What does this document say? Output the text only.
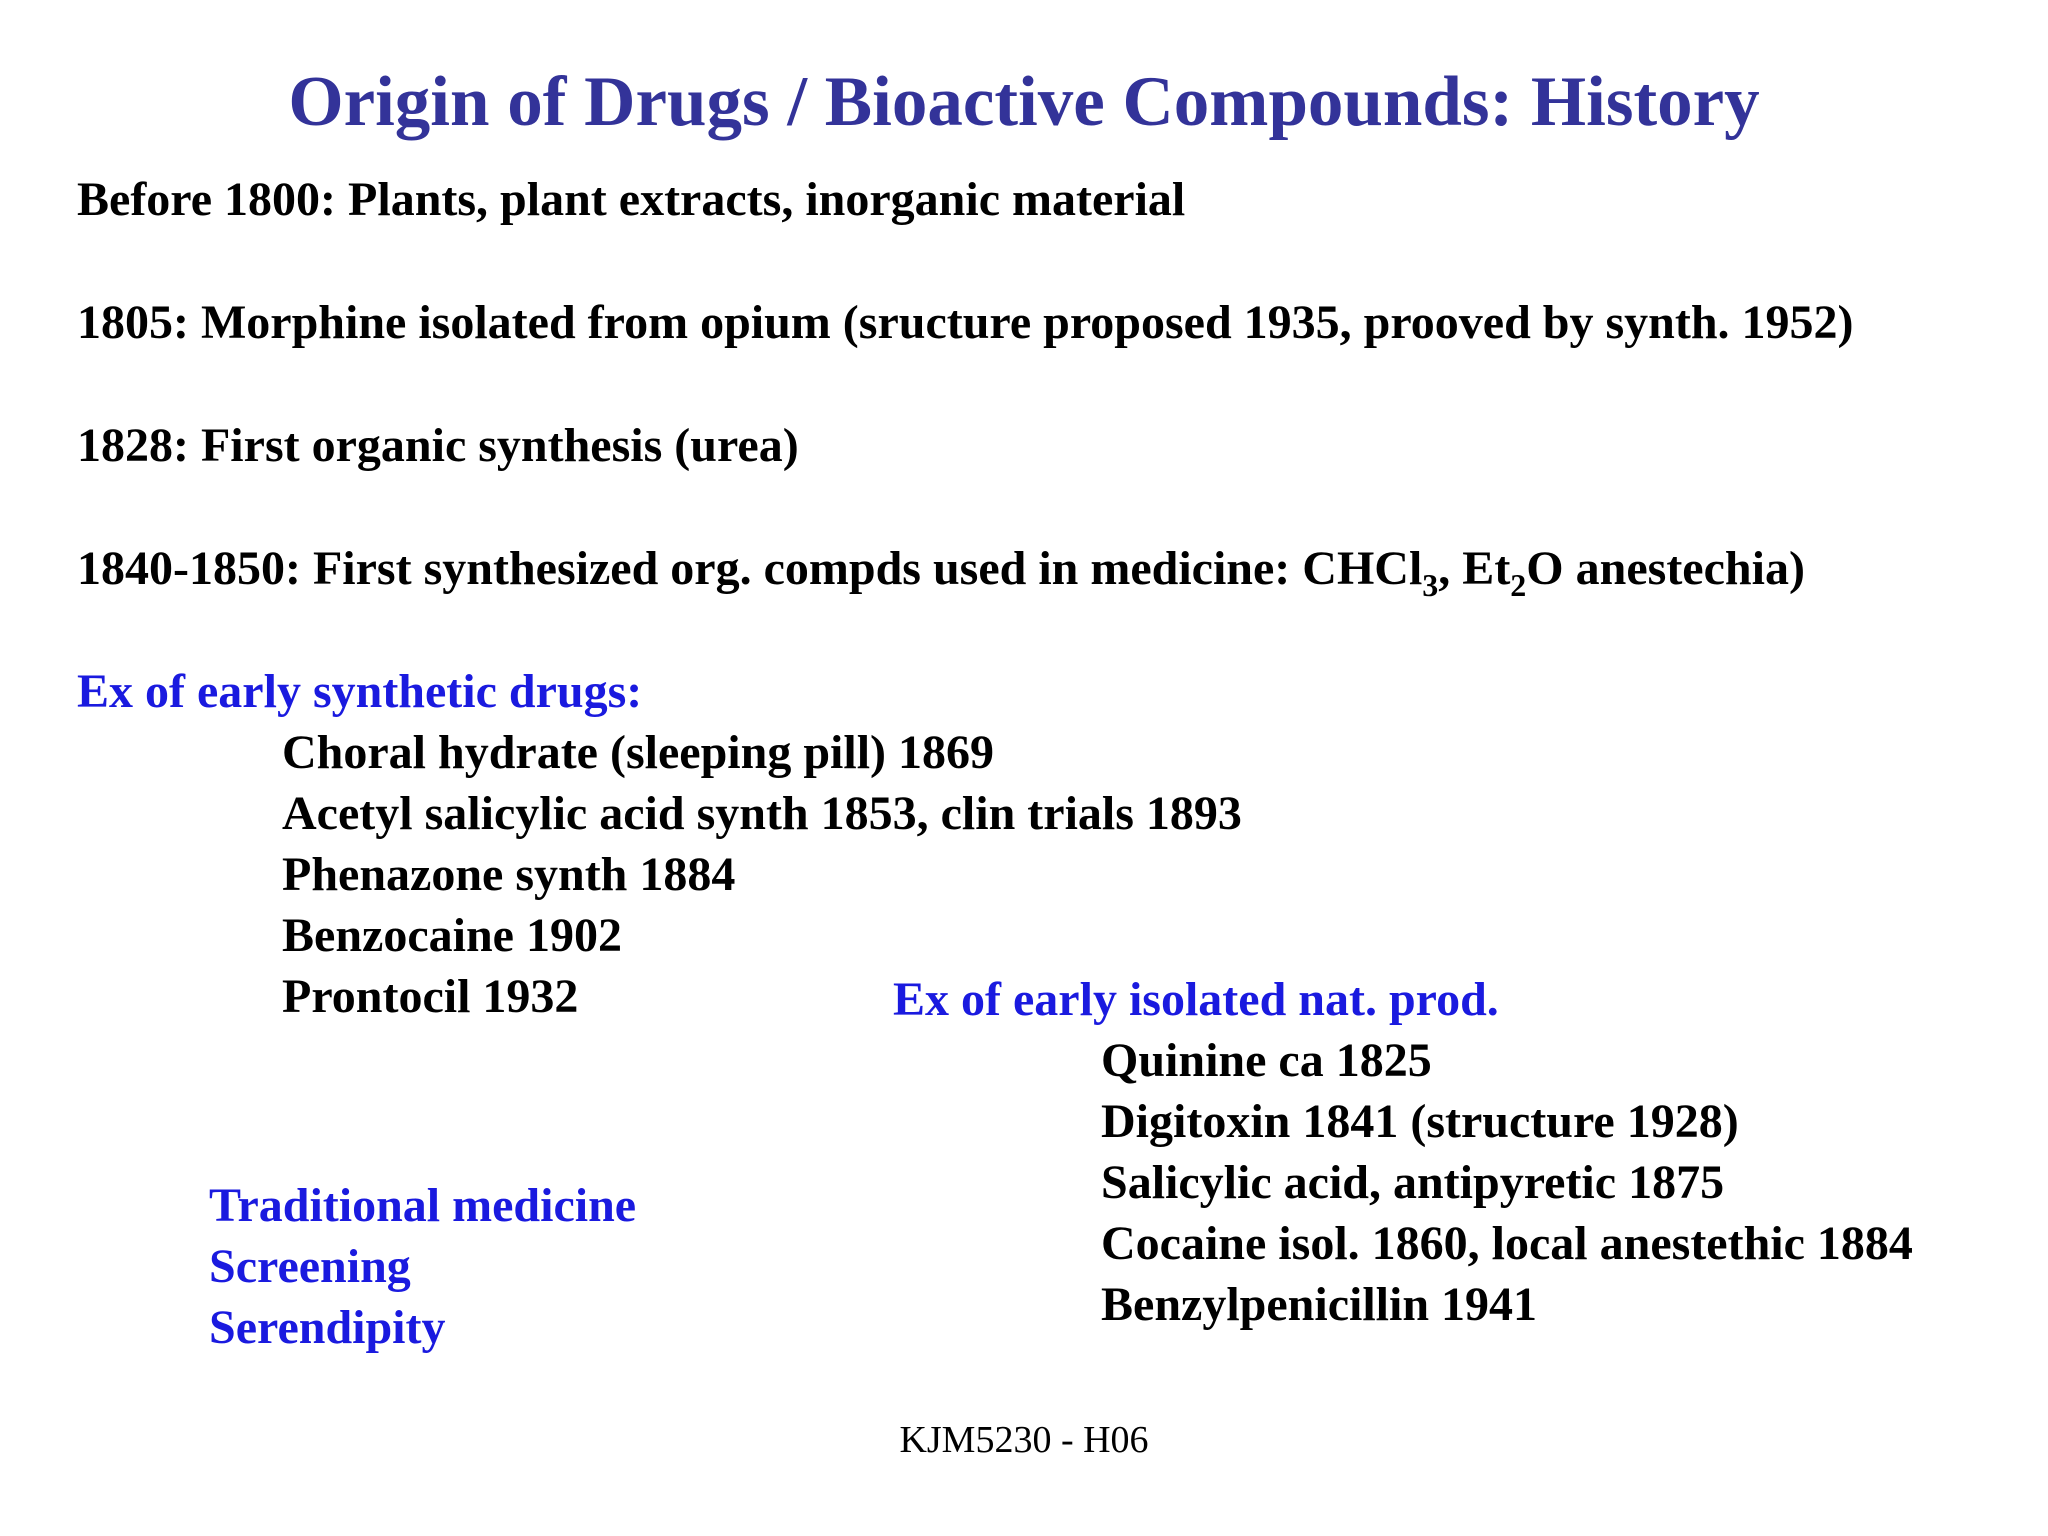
Origin of Drugs / Bioactive Compounds: History
Before 1800: Plants, plant extracts, inorganic material
1805: Morphine isolated from opium (sructure proposed 1935, prooved by synth. 1952)
1828: First organic synthesis (urea)
1840-1850: First synthesized org. compds used in medicine: CHCl$_3$, $Et_2O$ anestechia)
Ex of early synthetic drugs:
Choral hydrate (sleeping pill) 1869
Acetyl salicylic acid synth 1853, clin trials 1893
Phenazone synth 1884
Benzocaine 1902
Prontocil 1932	Ex of early isolated nat. prod.
Quinine ca 1825
Digitoxin 1841 (structure 1928)
Salicylic acid, antipyretic 1875
Cocaine isol. 1860, local anestethic 1884
Benzylpenicillin 1941
Traditional medicine
Screening
Serendipity
KJM5230 - H06
